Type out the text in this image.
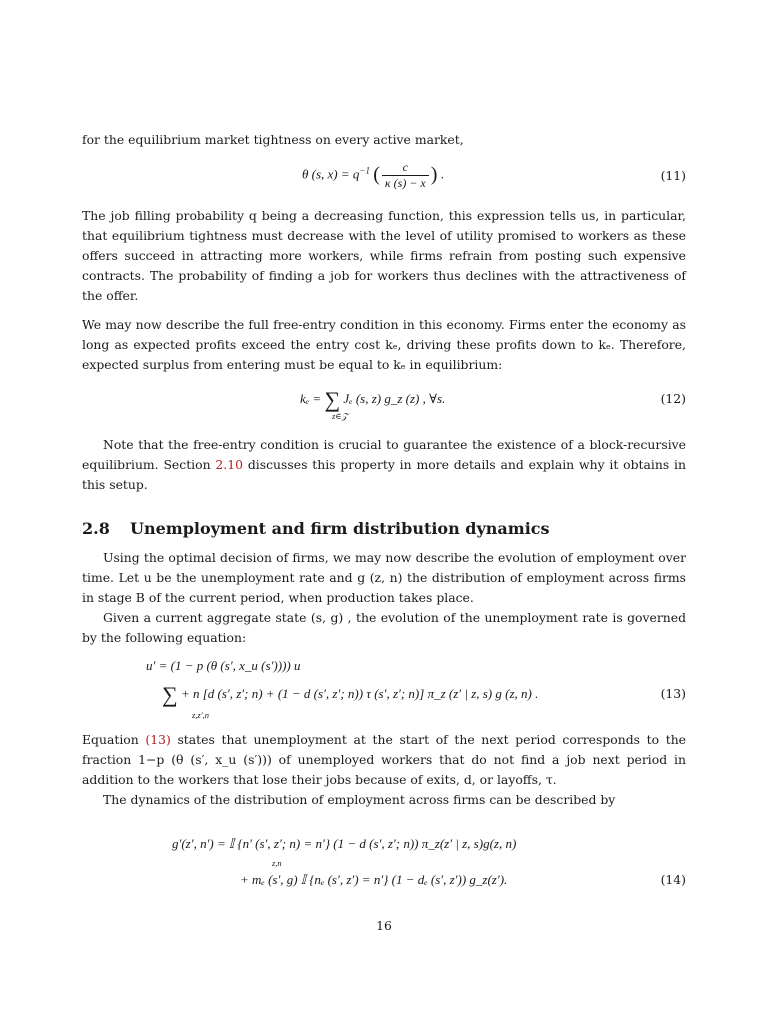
for the equilibrium market tightness on every active market,

θ (s, $x) = q^{-1}$ ( $\frac{c}{\kappa (s) - x}$ ) .	(11)

The job filling probability q being a decreasing function, this expression tells us, in particular, that equilibrium tightness must decrease with the level of utility promised to workers as these offers succeed in attracting more workers, while firms refrain from posting such expensive contracts. The probability of finding a job for workers thus declines with the attractiveness of the offer.

We may now describe the full free-entry condition in this economy. Firms enter the economy as long as expected profits exceed the entry cost kₑ, driving these profits down to kₑ. Therefore, expected surplus from entering must be equal to kₑ in equilibrium:

kₑ = ∑ Jₑ (s, z) g_z (z) , ∀s.
z∈𝒵
(12)

Note that the free-entry condition is crucial to guarantee the existence of a block-recursive equilibrium. Section 2.10 discusses this property in more details and explain why it obtains in this setup.

2.8 Unemployment and firm distribution dynamics

Using the optimal decision of firms, we may now describe the evolution of employment over time. Let u be the unemployment rate and g (z, n) the distribution of employment across firms in stage B of the current period, when production takes place.

Given a current aggregate state (s, g) , the evolution of the unemployment rate is governed by the following equation:

u′ = (1 − p (θ (s′, x_u (s′)))) u
∑ + n [d (s′, z′; n) + (1 − d (s′, z′; n)) τ (s′, z′; n)] π_z (z′ | z, s) g (z, n) .
z,z′,n
(13)

Equation (13) states that unemployment at the start of the next period corresponds to the fraction 1−p (θ (s′, x_u (s′))) of unemployed workers that do not find a job next period in addition to the workers that lose their jobs because of exits, d, or layoffs, τ.

The dynamics of the distribution of employment across firms can be described by

g′(z′, n′) = 𝕀 {n′ (s′, z′; n) = n′} (1 − d (s′, z′; n)) π_z(z′ | z, s)g(z, n)
z,n
+ mₑ (s′, g) 𝕀 {nₑ (s′, z′) = n′} (1 − dₑ (s′, z′)) g_z(z′).	(14)
16
